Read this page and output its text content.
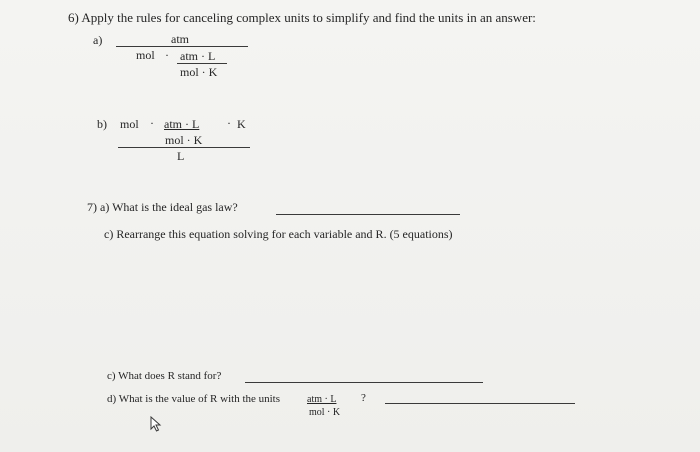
6) Apply the rules for canceling complex units to simplify and find the units in an answer:
a)	atm
mol · atm · L
mol · K
b) mol · atm · L · K
mol · K
L
7) a) What is the ideal gas law?
c) Rearrange this equation solving for each variable and R. (5 equations)
c) What does R stand for?
d) What is the value of R with the units	atm · L ?
mol · K
